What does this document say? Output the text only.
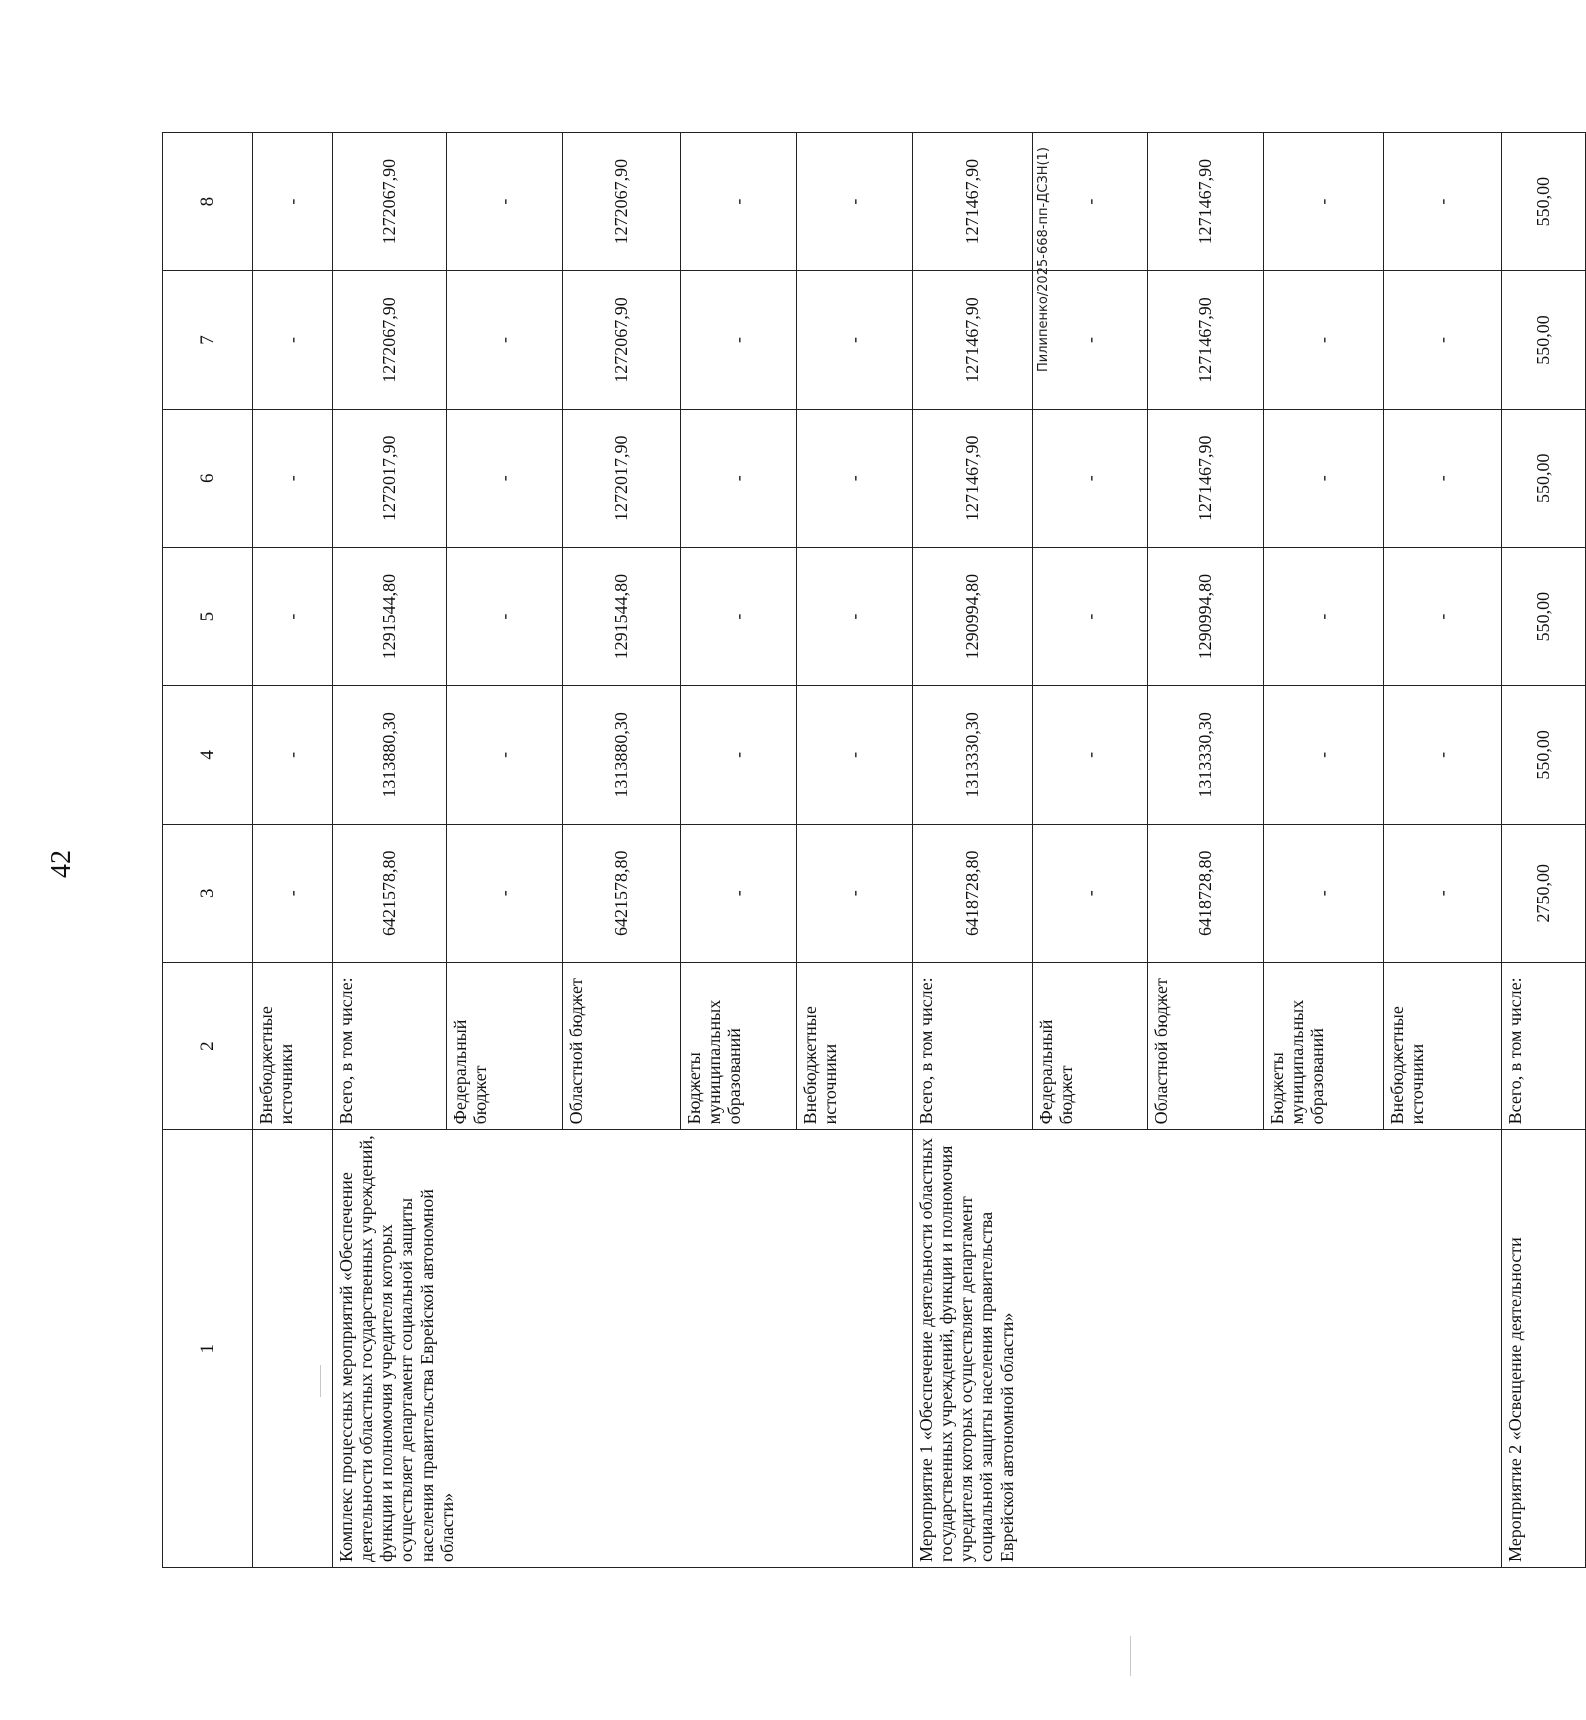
42
1	2	3	4	5	6	7	8
	Внебюджетные источники	-	-	-	-	-	-
Комплекс процессных мероприятий «Обеспечение деятельности областных государственных учреждений, функции и полномочия учредителя которых осуществляет департамент социальной защиты населения правительства Еврейской автономной области»	Всего, в том числе:	6421578,80	1313880,30	1291544,80	1272017,90	1272067,90	1272067,90
	Федеральный бюджет	-	-	-	-	-	-
	Областной бюджет	6421578,80	1313880,30	1291544,80	1272017,90	1272067,90	1272067,90
	Бюджеты муниципальных образований	-	-	-	-	-	-
	Внебюджетные источники	-	-	-	-	-	-
Мероприятие 1 «Обеспечение деятельности областных государственных учреждений, функции и полномочия учредителя которых осуществляет департамент социальной защиты населения правительства Еврейской автономной области»	Всего, в том числе:	6418728,80	1313330,30	1290994,80	1271467,90	1271467,90	1271467,90
	Федеральный бюджет	-	-	-	-	-	-
	Областной бюджет	6418728,80	1313330,30	1290994,80	1271467,90	1271467,90	1271467,90
	Бюджеты муниципальных образований	-	-	-	-	-	-
	Внебюджетные источники	-	-	-	-	-	-
Мероприятие 2 «Освещение деятельности	Всего, в том числе:	2750,00	550,00	550,00	550,00	550,00	550,00
Пилипенко/2025-668-пп-ДСЗН(1)
